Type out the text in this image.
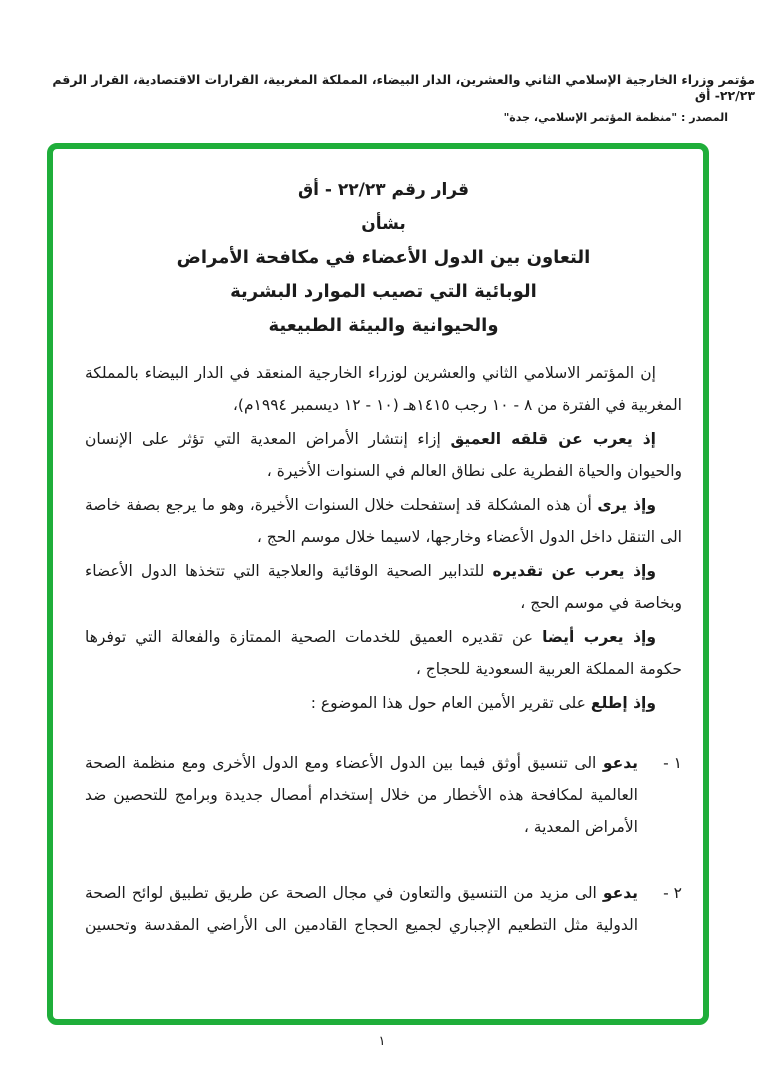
مؤتمر وزراء الخارجية الإسلامي الثاني والعشرين، الدار البيضاء، المملكة المغربية، القرارات الاقتصادية، القرار الرقم ٢٢/٢٣- أق
المصدر : "منظمة المؤتمر الإسلامي، جدة"
قرار رقم ٢٢/٢٣ - أق
بشأن
التعاون بين الدول الأعضاء في مكافحة الأمراض
الوبائية التي تصيب الموارد البشرية
والحيوانية والبيئة الطبيعية

إن المؤتمر الاسلامي الثاني والعشرين لوزراء الخارجية المنعقد في الدار البيضاء بالمملكة المغربية في الفترة من ٨ - ١٠ رجب ١٤١٥هـ (١٠ - ١٢ ديسمبر ١٩٩٤م)،

إذ يعرب عن قلقه العميق إزاء إنتشار الأمراض المعدية التي تؤثر على الإنسان والحيوان والحياة الفطرية على نطاق العالم في السنوات الأخيرة ،

وإذ يرى أن هذه المشكلة قد إستفحلت خلال السنوات الأخيرة، وهو ما يرجع بصفة خاصة الى التنقل داخل الدول الأعضاء وخارجها، لاسيما خلال موسم الحج ،

وإذ يعرب عن تقديره للتدابير الصحية الوقائية والعلاجية التي تتخذها الدول الأعضاء وبخاصة في موسم الحج ،

وإذ يعرب أيضا عن تقديره العميق للخدمات الصحية الممتازة والفعالة التي توفرها حكومة المملكة العربية السعودية للحجاج ،

وإذ إطلع على تقرير الأمين العام حول هذا الموضوع :

١ -

يدعو الى تنسيق أوثق فيما بين الدول الأعضاء ومع الدول الأخرى ومع منظمة الصحة العالمية لمكافحة هذه الأخطار من خلال إستخدام أمصال جديدة وبرامج للتحصين ضد الأمراض المعدية ،

٢ -

يدعو الى مزيد من التنسيق والتعاون في مجال الصحة عن طريق تطبيق لوائح الصحة الدولية مثل التطعيم الإجباري لجميع الحجاج القادمين الى الأراضي المقدسة وتحسين

١
